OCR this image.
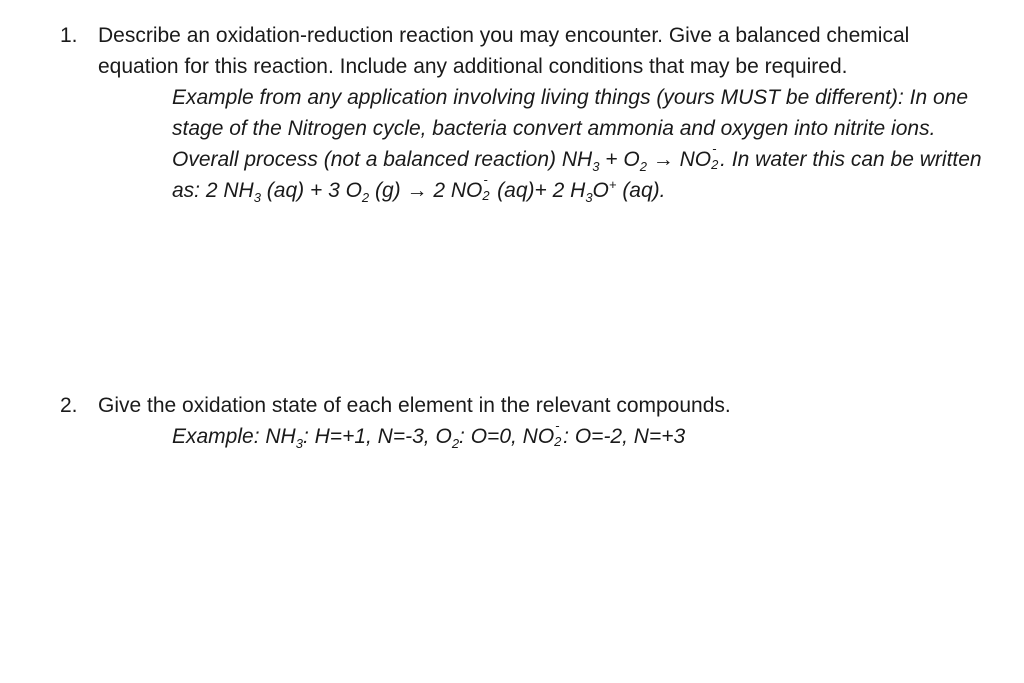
1. Describe an oxidation-reduction reaction you may encounter. Give a balanced chemical equation for this reaction. Include any additional conditions that may be required.
Example from any application involving living things (yours MUST be different): In one stage of the Nitrogen cycle, bacteria convert ammonia and oxygen into nitrite ions. Overall process (not a balanced reaction) $NH_3 + O_2$ → NO -
2 . In water this can be written as: 2 $NH_3$ (aq) + 3 $O_2$ (g) → 2 NO -
2 (aq)+ 2 $H_3O^+$ (aq).
2. Give the oxidation state of each element in the relevant compounds.
Example: $NH_3$: H=+1, N=-3, $O_2$: O=0, NO -
2 : O=-2, N=+3
